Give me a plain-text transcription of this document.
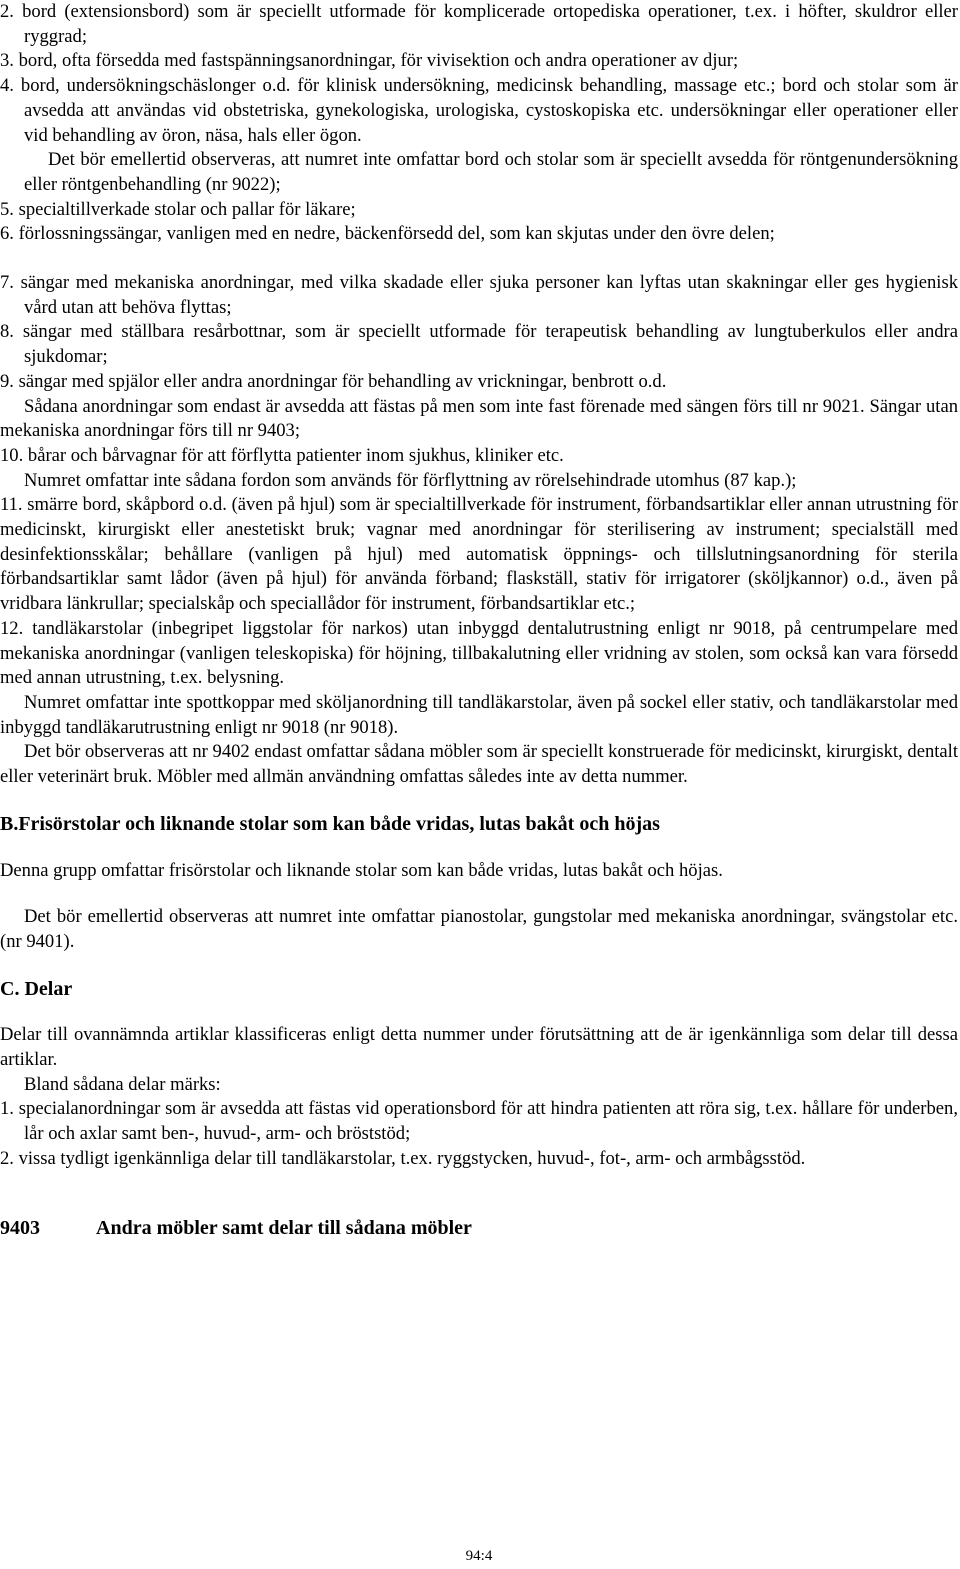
2. bord (extensionsbord) som är speciellt utformade för komplicerade ortopediska operationer, t.ex. i höfter, skuldror eller ryggrad;
3. bord, ofta försedda med fastspänningsanordningar, för vivisektion och andra operationer av djur;
4. bord, undersökningschäslonger o.d. för klinisk undersökning, medicinsk behandling, massage etc.; bord och stolar som är avsedda att användas vid obstetriska, gynekologiska, urologiska, cystoskopiska etc. undersökningar eller operationer eller vid behandling av öron, näsa, hals eller ögon.
Det bör emellertid observeras, att numret inte omfattar bord och stolar som är speciellt avsedda för röntgenundersökning eller röntgenbehandling (nr 9022);
5. specialtillverkade stolar och pallar för läkare;
6. förlossningssängar, vanligen med en nedre, bäckenförsedd del, som kan skjutas under den övre delen;
7. sängar med mekaniska anordningar, med vilka skadade eller sjuka personer kan lyftas utan skakningar eller ges hygienisk vård utan att behöva flyttas;
8. sängar med ställbara resårbottnar, som är speciellt utformade för terapeutisk behandling av lungtuberkulos eller andra sjukdomar;
9. sängar med spjälor eller andra anordningar för behandling av vrickningar, benbrott o.d.
Sådana anordningar som endast är avsedda att fästas på men som inte fast förenade med sängen förs till nr 9021. Sängar utan mekaniska anordningar förs till nr 9403;
10. bårar och bårvagnar för att förflytta patienter inom sjukhus, kliniker etc.
Numret omfattar inte sådana fordon som används för förflyttning av rörelsehindrade utomhus (87 kap.);
11. smärre bord, skåpbord o.d. (även på hjul) som är specialtillverkade för instrument, förbandsartiklar eller annan utrustning för medicinskt, kirurgiskt eller anestetiskt bruk; vagnar med anordningar för sterilisering av instrument; specialställ med desinfektionsskålar; behållare (vanligen på hjul) med automatisk öppnings- och tillslutningsanordning för sterila förbandsartiklar samt lådor (även på hjul) för använda förband; flaskställ, stativ för irrigatorer (sköljkannor) o.d., även på vridbara länkrullar; specialskåp och speciallådor för instrument, förbandsartiklar etc.;
12. tandläkarstolar (inbegripet liggstolar för narkos) utan inbyggd dentalutrustning enligt nr 9018, på centrumpelare med mekaniska anordningar (vanligen teleskopiska) för höjning, tillbakalutning eller vridning av stolen, som också kan vara försedd med annan utrustning, t.ex. belysning.
Numret omfattar inte spottkoppar med sköljanordning till tandläkarstolar, även på sockel eller stativ, och tandläkarstolar med inbyggd tandläkarutrustning enligt nr 9018 (nr 9018).
Det bör observeras att nr 9402 endast omfattar sådana möbler som är speciellt konstruerade för medicinskt, kirurgiskt, dentalt eller veterinärt bruk. Möbler med allmän användning omfattas således inte av detta nummer.
B.Frisörstolar och liknande stolar som kan både vridas, lutas bakåt och höjas
Denna grupp omfattar frisörstolar och liknande stolar som kan både vridas, lutas bakåt och höjas.
Det bör emellertid observeras att numret inte omfattar pianostolar, gungstolar med mekaniska anordningar, svängstolar etc. (nr 9401).
C. Delar
Delar till ovannämnda artiklar klassificeras enligt detta nummer under förutsättning att de är igenkännliga som delar till dessa artiklar.
Bland sådana delar märks:
1. specialanordningar som är avsedda att fästas vid operationsbord för att hindra patienten att röra sig, t.ex. hållare för underben, lår och axlar samt ben-, huvud-, arm- och bröststöd;
2. vissa tydligt igenkännliga delar till tandläkarstolar, t.ex. ryggstycken, huvud-, fot-, arm- och armbågsstöd.
9403	Andra möbler samt delar till sådana möbler
94:4
